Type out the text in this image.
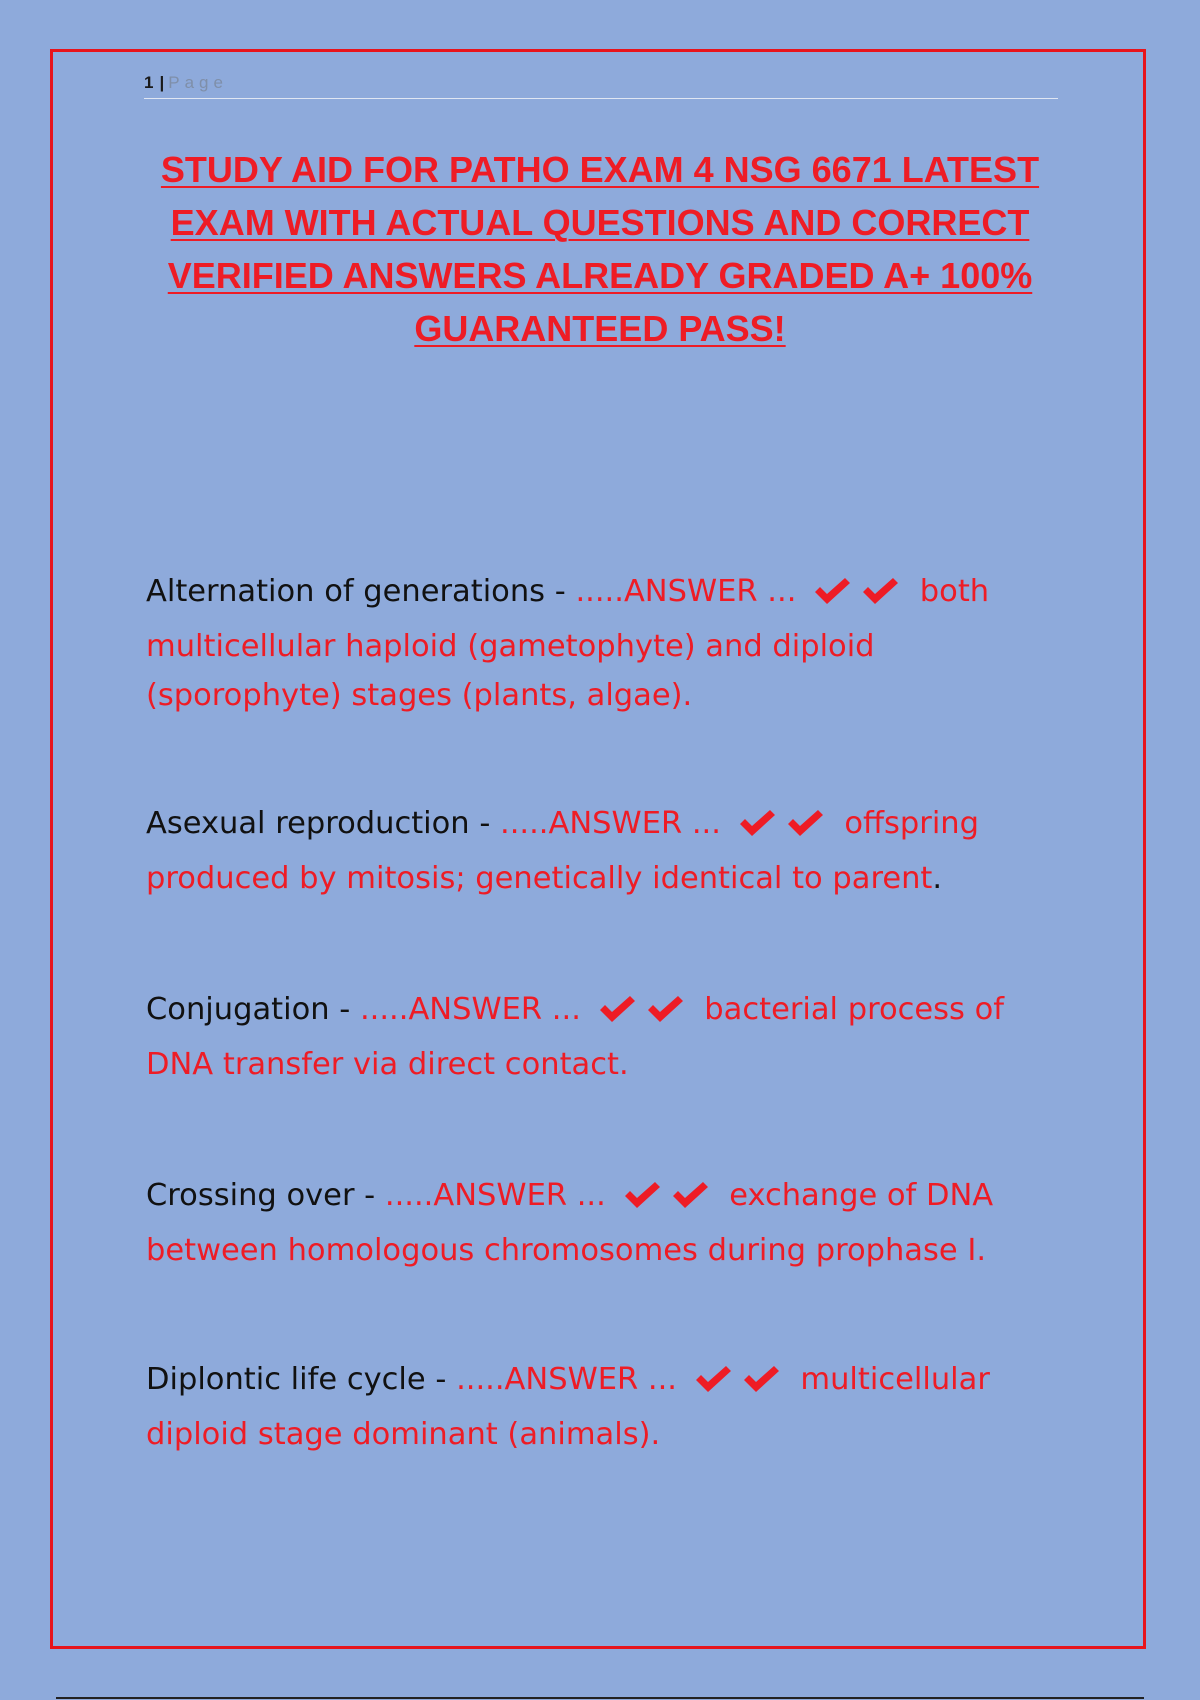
1 | Page
STUDY AID FOR PATHO EXAM 4 NSG 6671 LATEST EXAM WITH ACTUAL QUESTIONS AND CORRECT VERIFIED ANSWERS ALREADY GRADED A+ 100% GUARANTEED PASS!

Alternation of generations - .....ANSWER ...	both multicellular haploid (gametophyte) and diploid (sporophyte) stages (plants, algae).

Asexual reproduction - .....ANSWER ...	offspring produced by mitosis; genetically identical to parent.

Conjugation - .....ANSWER ...	bacterial process of DNA transfer via direct contact.

Crossing over - .....ANSWER ...	exchange of DNA between homologous chromosomes during prophase I.

Diplontic life cycle - .....ANSWER ...	multicellular diploid stage dominant (animals).
